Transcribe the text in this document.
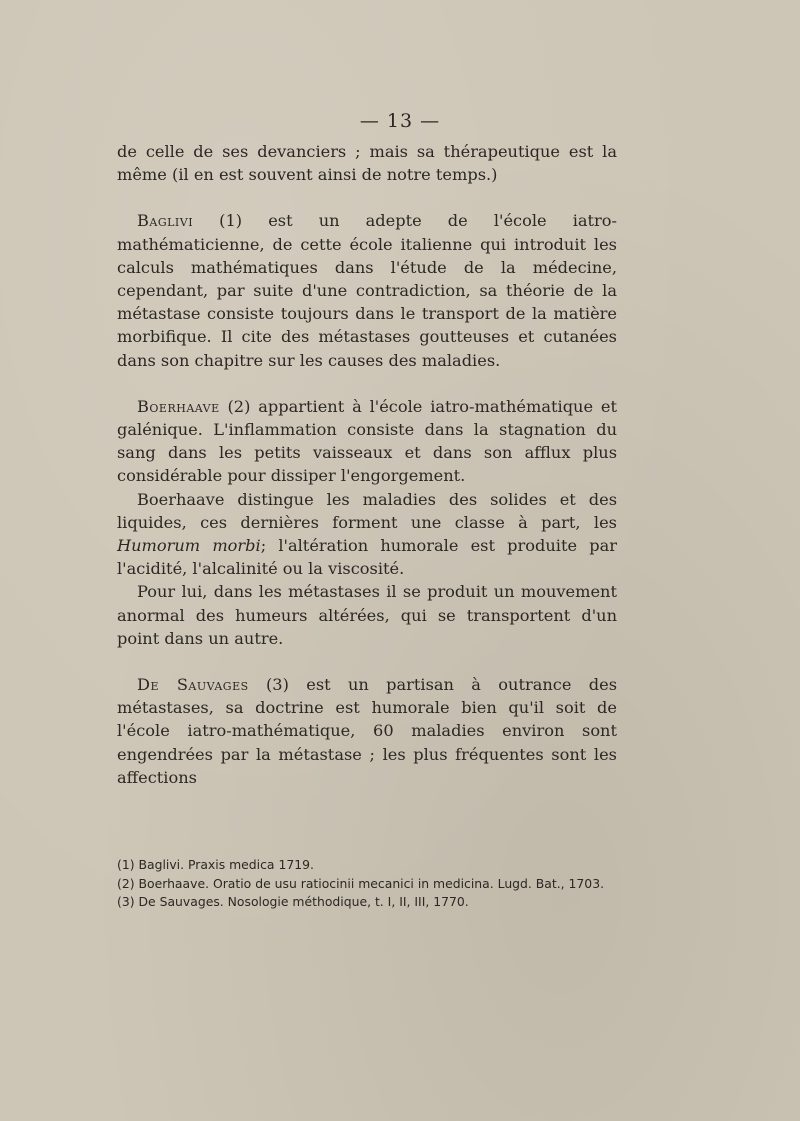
— 13 —

de celle de ses devanciers ; mais sa thérapeutique est la même (il en est souvent ainsi de notre temps.)

Baglivi (1) est un adepte de l'école iatro-mathématicienne, de cette école italienne qui introduit les calculs mathématiques dans l'étude de la médecine, cependant, par suite d'une contradiction, sa théorie de la métastase consiste toujours dans le transport de la matière morbifique. Il cite des métastases goutteuses et cutanées dans son chapitre sur les causes des maladies.

Boerhaave (2) appartient à l'école iatro-mathématique et galénique. L'inflammation consiste dans la stagnation du sang dans les petits vaisseaux et dans son afflux plus considérable pour dissiper l'engorgement.

Boerhaave distingue les maladies des solides et des liquides, ces dernières forment une classe à part, les Humorum morbi; l'altération humorale est produite par l'acidité, l'alcalinité ou la viscosité.

Pour lui, dans les métastases il se produit un mouvement anormal des humeurs altérées, qui se transportent d'un point dans un autre.

De Sauvages (3) est un partisan à outrance des métastases, sa doctrine est humorale bien qu'il soit de l'école iatro-mathématique, 60 maladies environ sont engendrées par la métastase ; les plus fréquentes sont les affections

(1) Baglivi. Praxis medica 1719.
(2) Boerhaave. Oratio de usu ratiocinii mecanici in medicina. Lugd. Bat., 1703.
(3) De Sauvages. Nosologie méthodique, t. I, II, III, 1770.
